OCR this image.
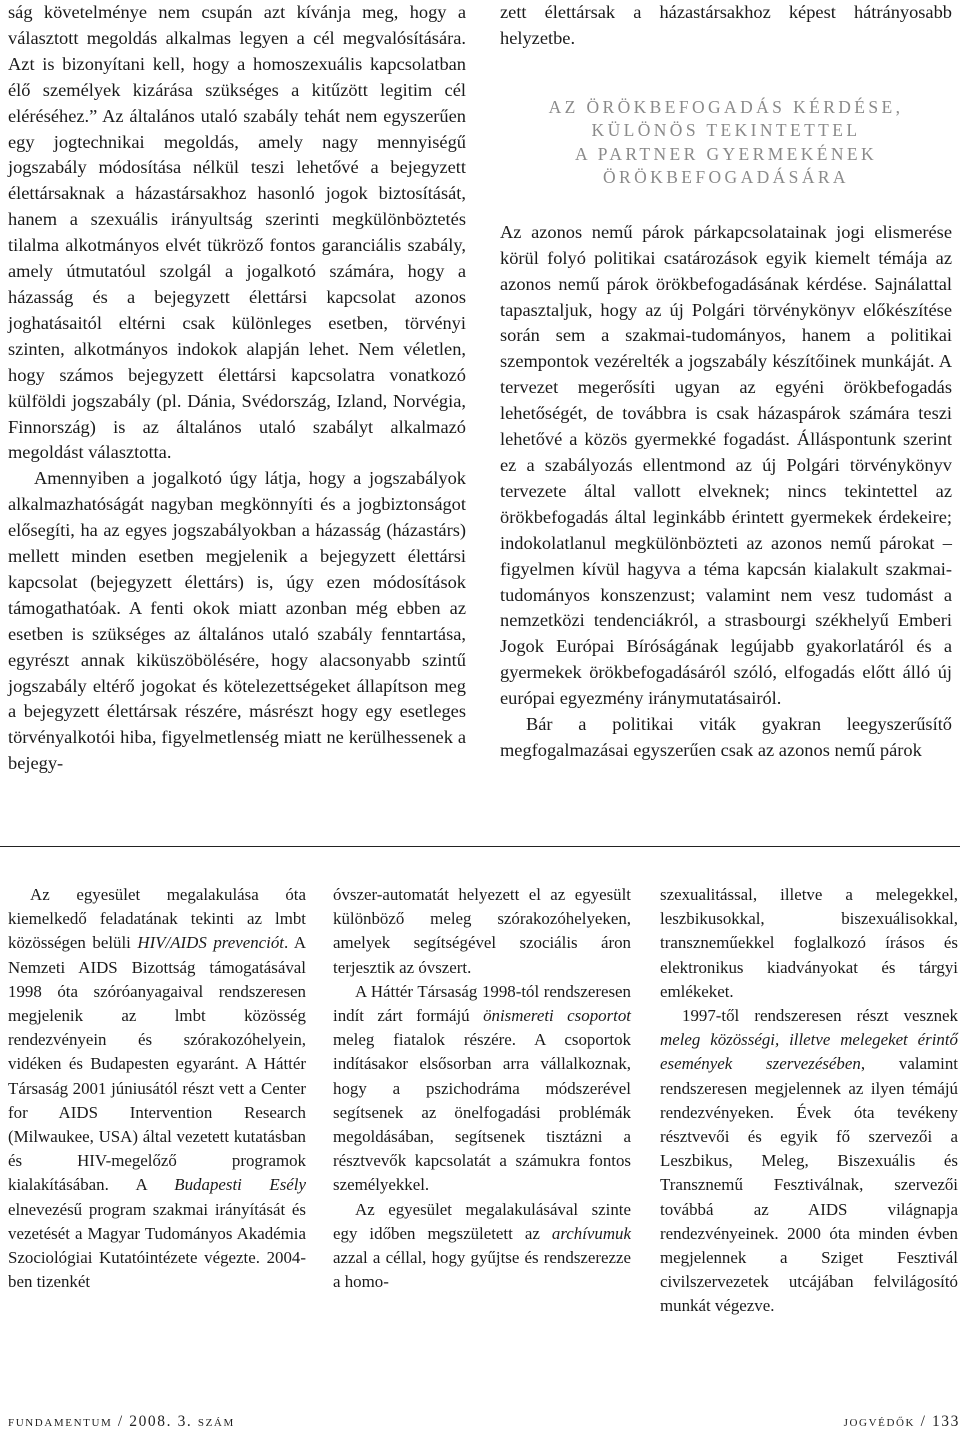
ság követelménye nem csupán azt kívánja meg, hogy a választott megoldás alkalmas legyen a cél megvalósítására. Azt is bizonyítani kell, hogy a homoszexuális kapcsolatban élő személyek kizárása szükséges a kitűzött legitim cél eléréséhez.” Az általános utaló szabály tehát nem egyszerűen egy jogtechnikai megoldás, amely nagy mennyiségű jogszabály módosítása nélkül teszi lehetővé a bejegyzett élettársaknak a házastársakhoz hasonló jogok biztosítását, hanem a szexuális irányultság szerinti megkülönböztetés tilalma alkotmányos elvét tükröző fontos garanciális szabály, amely útmutatóul szolgál a jogalkotó számára, hogy a házasság és a bejegyzett élettársi kapcsolat azonos joghatásaitól eltérni csak különleges esetben, törvényi szinten, alkotmányos indokok alapján lehet. Nem véletlen, hogy számos bejegyzett élettársi kapcsolatra vonatkozó külföldi jogszabály (pl. Dánia, Svédország, Izland, Norvégia, Finnország) is az általános utaló szabályt alkalmazó megoldást választotta.

Amennyiben a jogalkotó úgy látja, hogy a jogszabályok alkalmazhatóságát nagyban megkönnyíti és a jogbiztonságot elősegíti, ha az egyes jogszabályokban a házasság (házastárs) mellett minden esetben megjelenik a bejegyzett élettársi kapcsolat (bejegyzett élettárs) is, úgy ezen módosítások támogathatóak. A fenti okok miatt azonban még ebben az esetben is szükséges az általános utaló szabály fenntartása, egyrészt annak kiküszöbölésére, hogy alacsonyabb szintű jogszabály eltérő jogokat és kötelezettségeket állapítson meg a bejegyzett élettársak részére, másrészt hogy egy esetleges törvényalkotói hiba, figyelmetlenség miatt ne kerülhessenek a bejegy-

zett élettársak a házastársakhoz képest hátrányosabb helyzetbe.

AZ ÖRÖKBEFOGADÁS KÉRDÉSE,
KÜLÖNÖS TEKINTETTEL
A PARTNER GYERMEKÉNEK
ÖRÖKBEFOGADÁSÁRA

Az azonos nemű párok párkapcsolatainak jogi elismerése körül folyó politikai csatározások egyik kiemelt témája az azonos nemű párok örökbefogadásának kérdése. Sajnálattal tapasztaljuk, hogy az új Polgári törvénykönyv előkészítése során sem a szakmai-tudományos, hanem a politikai szempontok vezérelték a jogszabály készítőinek munkáját. A tervezet megerősíti ugyan az egyéni örökbefogadás lehetőségét, de továbbra is csak házaspárok számára teszi lehetővé a közös gyermekké fogadást. Álláspontunk szerint ez a szabályozás ellentmond az új Polgári törvénykönyv tervezete által vallott elveknek; nincs tekintettel az örökbefogadás által leginkább érintett gyermekek érdekeire; indokolatlanul megkülönbözteti az azonos nemű párokat – figyelmen kívül hagyva a téma kapcsán kialakult szakmai-tudományos konszenzust; valamint nem vesz tudomást a nemzetközi tendenciákról, a strasbourgi székhelyű Emberi Jogok Európai Bíróságának legújabb gyakorlatáról és a gyermekek örökbefogadásáról szóló, elfogadás előtt álló új európai egyezmény iránymutatásairól.

Bár a politikai viták gyakran leegyszerűsítő megfogalmazásai egyszerűen csak az azonos nemű párok

Az egyesület megalakulása óta kiemelkedő feladatának tekinti az lmbt közösségen belüli HIV/AIDS prevenciót. A Nemzeti AIDS Bizottság támogatásával 1998 óta szóróanyagaival rendszeresen megjelenik az lmbt közösség rendezvényein és szórakozóhelyein, vidéken és Budapesten egyaránt. A Háttér Társaság 2001 júniusától részt vett a Center for AIDS Intervention Research (Milwaukee, USA) által vezetett kutatásban és HIV-megelőző programok kialakításában. A Budapesti Esély elnevezésű program szakmai irányítását és vezetését a Magyar Tudományos Akadémia Szociológiai Kutatóintézete végezte. 2004-ben tizenkét

óvszer-automatát helyezett el az egyesült különböző meleg szórakozóhelyeken, amelyek segítségével szociális áron terjesztik az óvszert.

A Háttér Társaság 1998-tól rendszeresen indít zárt formájú önismereti csoportot meleg fiatalok részére. A csoportok indításakor elsősorban arra vállalkoznak, hogy a pszichodráma módszerével segítsenek az önelfogadási problémák megoldásában, segítsenek tisztázni a résztvevők kapcsolatát a számukra fontos személyekkel.

Az egyesület megalakulásával szinte egy időben megszületett az archívumuk azzal a céllal, hogy gyűjtse és rendszerezze a homo-

szexualitással, illetve a melegekkel, leszbikusokkal, biszexuálisokkal, transzneműekkel foglalkozó írásos és elektronikus kiadványokat és tárgyi emlékeket.

1997-től rendszeresen részt vesznek meleg közösségi, illetve melegeket érintő események szervezésében, valamint rendszeresen megjelennek az ilyen témájú rendezvényeken. Évek óta tevékeny résztvevői és egyik fő szervezői a Leszbikus, Meleg, Biszexuális és Transznemű Fesztiválnak, szervezői továbbá az AIDS világnapja rendezvényeinek. 2000 óta minden évben megjelennek a Sziget Fesztivál civilszervezetek utcájában felvilágosító munkát végezve.

fundamentum / 2008. 3. szám	jogvédők / 133
